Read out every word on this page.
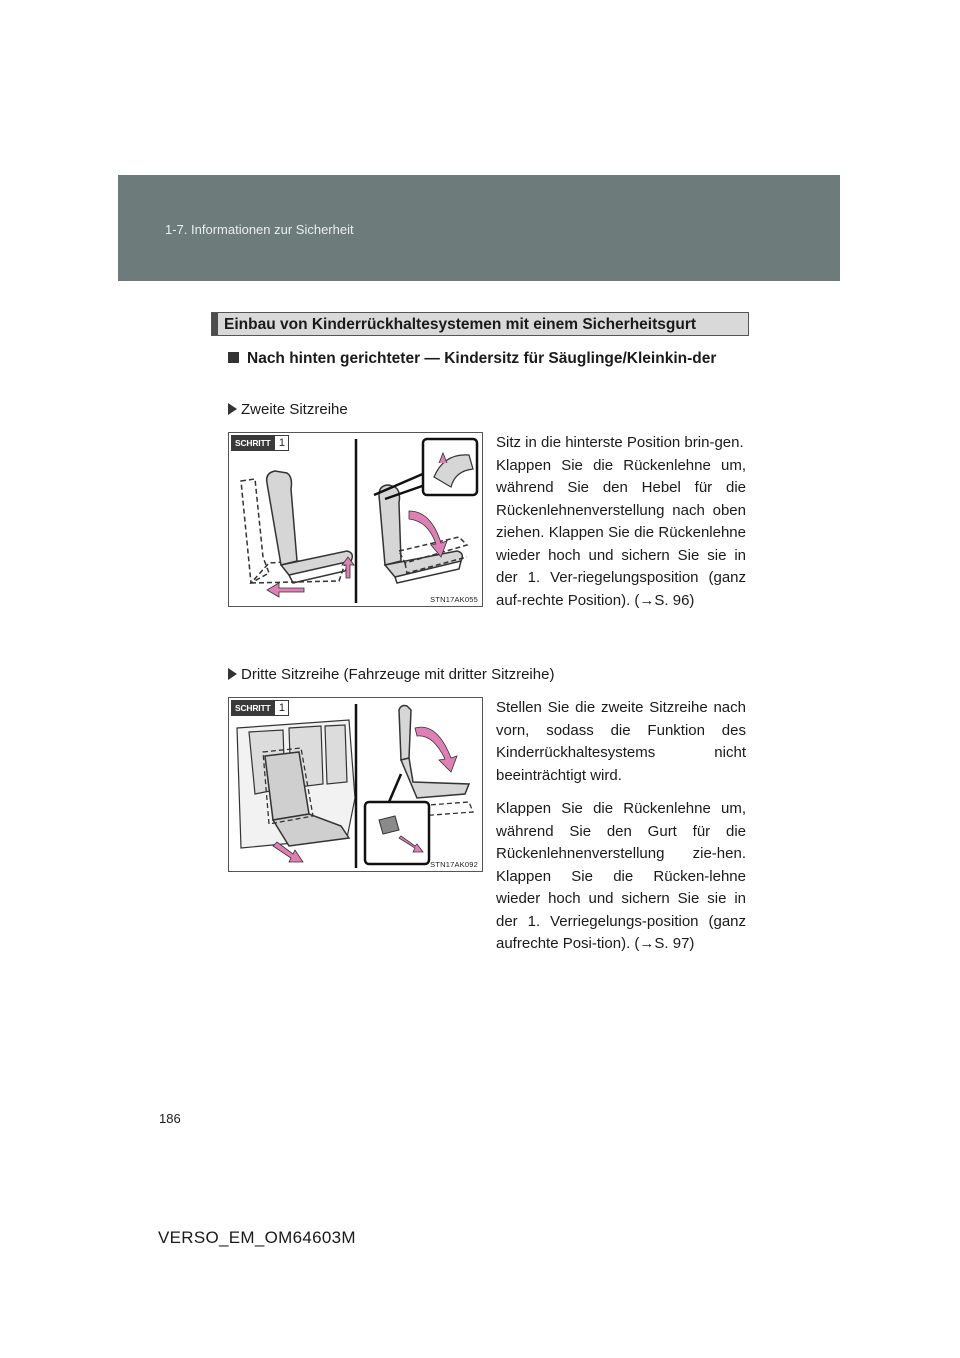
1-7. Informationen zur Sicherheit
Einbau von Kinderrückhaltesystemen mit einem Sicherheitsgurt
Nach hinten gerichteter — Kindersitz für Säuglinge/Kleinkin-der
Zweite Sitzreihe
SCHRITT 1
STN17AK055

Sitz in die hinterste Position brin-gen.

Klappen Sie die Rückenlehne um, während Sie den Hebel für die Rückenlehnenverstellung nach oben ziehen. Klappen Sie die Rückenlehne wieder hoch und sichern Sie sie in der 1. Ver-riegelungsposition (ganz auf-rechte Position). (→S. 96)

Dritte Sitzreihe (Fahrzeuge mit dritter Sitzreihe)
SCHRITT 1
STN17AK092

Stellen Sie die zweite Sitzreihe nach vorn, sodass die Funktion des Kinderrückhaltesystems nicht beeinträchtigt wird.

Klappen Sie die Rückenlehne um, während Sie den Gurt für die Rückenlehnenverstellung zie-hen. Klappen Sie die Rücken-lehne wieder hoch und sichern Sie sie in der 1. Verriegelungs-position (ganz aufrechte Posi-tion). (→S. 97)

186
VERSO_EM_OM64603M
